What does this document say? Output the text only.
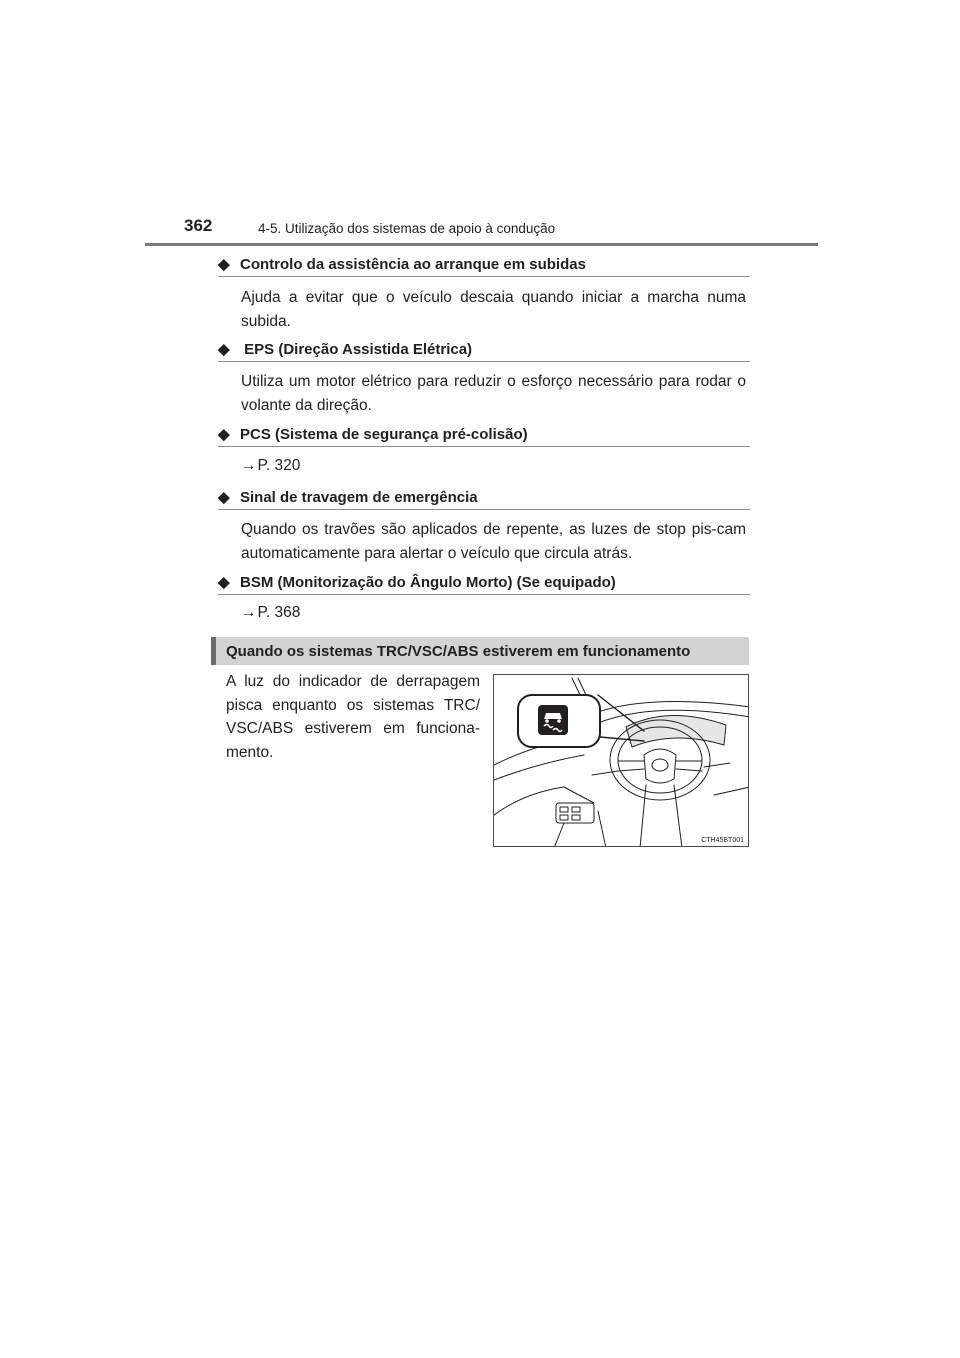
362	4-5. Utilização dos sistemas de apoio à condução
◆ Controlo da assistência ao arranque em subidas
Ajuda a evitar que o veículo descaia quando iniciar a marcha numa subida.
◆ EPS (Direção Assistida Elétrica)
Utiliza um motor elétrico para reduzir o esforço necessário para rodar o volante da direção.
◆ PCS (Sistema de segurança pré-colisão)
→P. 320
◆ Sinal de travagem de emergência
Quando os travões são aplicados de repente, as luzes de stop pis-cam automaticamente para alertar o veículo que circula atrás.
◆ BSM (Monitorização do Ângulo Morto) (Se equipado)
→P. 368
Quando os sistemas TRC/VSC/ABS estiverem em funcionamento
A luz do indicador de derrapagem pisca enquanto os sistemas TRC/ VSC/ABS estiverem em funciona-mento.
CTH45BT001
